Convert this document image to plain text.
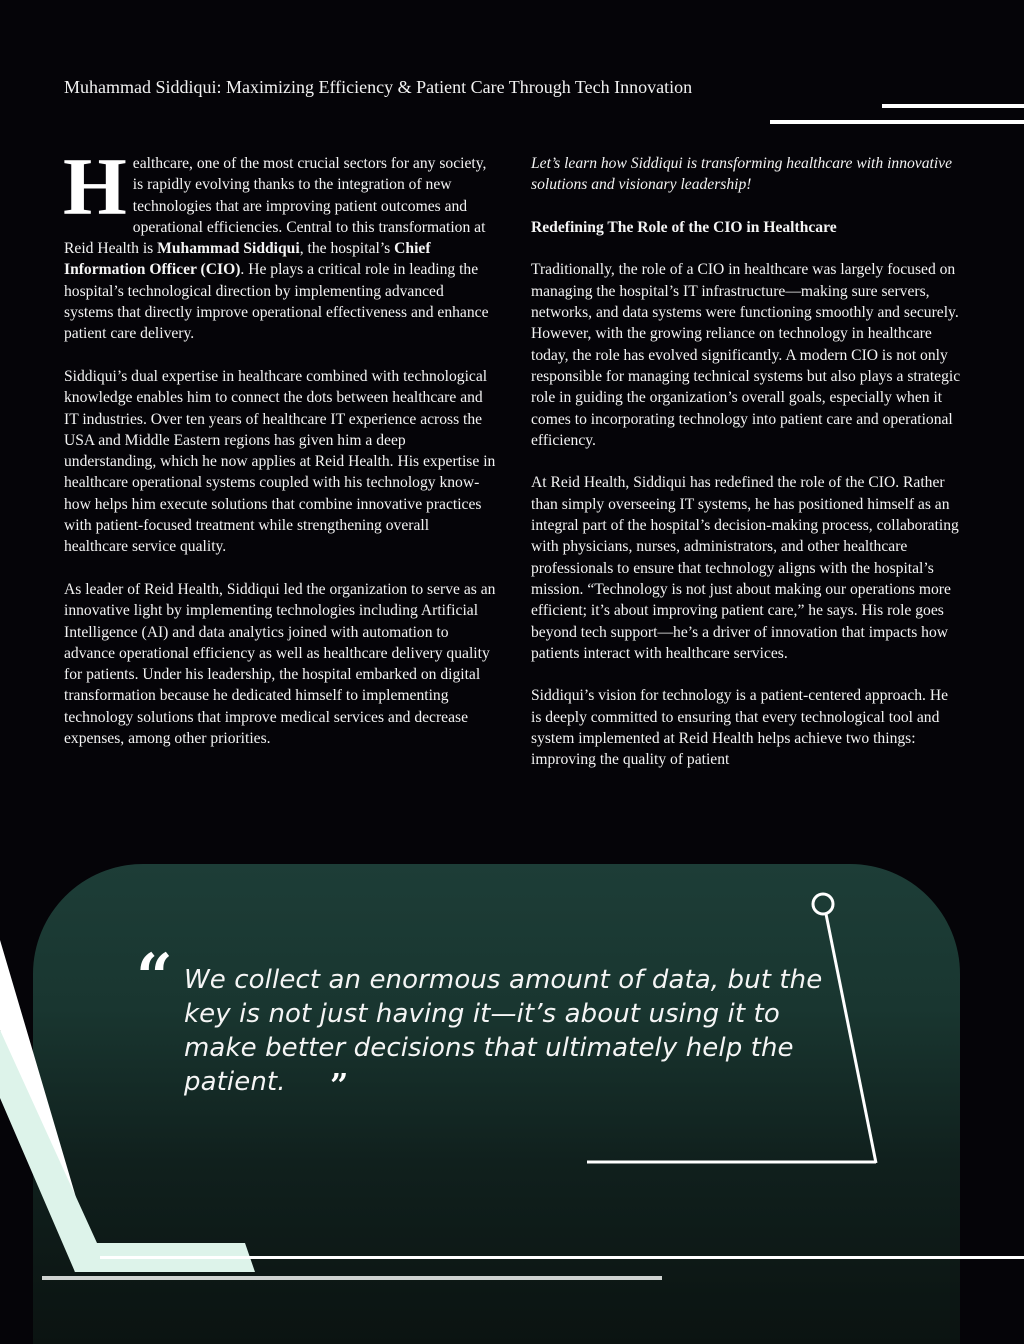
Muhammad Siddiqui: Maximizing Efficiency & Patient Care Through Tech Innovation

Healthcare, one of the most crucial sectors for any society, is rapidly evolving thanks to the integration of new technologies that are improving patient outcomes and operational efficiencies. Central to this transformation at Reid Health is Muhammad Siddiqui, the hospital’s Chief Information Officer (CIO). He plays a critical role in leading the hospital’s technological direction by implementing advanced systems that directly improve operational effectiveness and enhance patient care delivery.

Siddiqui’s dual expertise in healthcare combined with technological knowledge enables him to connect the dots between healthcare and IT industries. Over ten years of healthcare IT experience across the USA and Middle Eastern regions has given him a deep understanding, which he now applies at Reid Health. His expertise in healthcare operational systems coupled with his technology know-how helps him execute solutions that combine innovative practices with patient-focused treatment while strengthening overall healthcare service quality.

As leader of Reid Health, Siddiqui led the organization to serve as an innovative light by implementing technologies including Artificial Intelligence (AI) and data analytics joined with automation to advance operational efficiency as well as healthcare delivery quality for patients. Under his leadership, the hospital embarked on digital transformation because he dedicated himself to implementing technology solutions that improve medical services and decrease expenses, among other priorities.

Let’s learn how Siddiqui is transforming healthcare with innovative solutions and visionary leadership!

Redefining The Role of the CIO in Healthcare

Traditionally, the role of a CIO in healthcare was largely focused on managing the hospital’s IT infrastructure—making sure servers, networks, and data systems were functioning smoothly and securely. However, with the growing reliance on technology in healthcare today, the role has evolved significantly. A modern CIO is not only responsible for managing technical systems but also plays a strategic role in guiding the organization’s overall goals, especially when it comes to incorporating technology into patient care and operational efficiency.

At Reid Health, Siddiqui has redefined the role of the CIO. Rather than simply overseeing IT systems, he has positioned himself as an integral part of the hospital’s decision-making process, collaborating with physicians, nurses, administrators, and other healthcare professionals to ensure that technology aligns with the hospital’s mission. “Technology is not just about making our operations more efficient; it’s about improving patient care,” he says. His role goes beyond tech support—he’s a driver of innovation that impacts how patients interact with healthcare services.

Siddiqui’s vision for technology is a patient-centered approach. He is deeply committed to ensuring that every technological tool and system implemented at Reid Health helps achieve two things: improving the quality of patient

“ We collect an enormous amount of data, but the key is not just having it—it’s about using it to make better decisions that ultimately help the patient.	”
